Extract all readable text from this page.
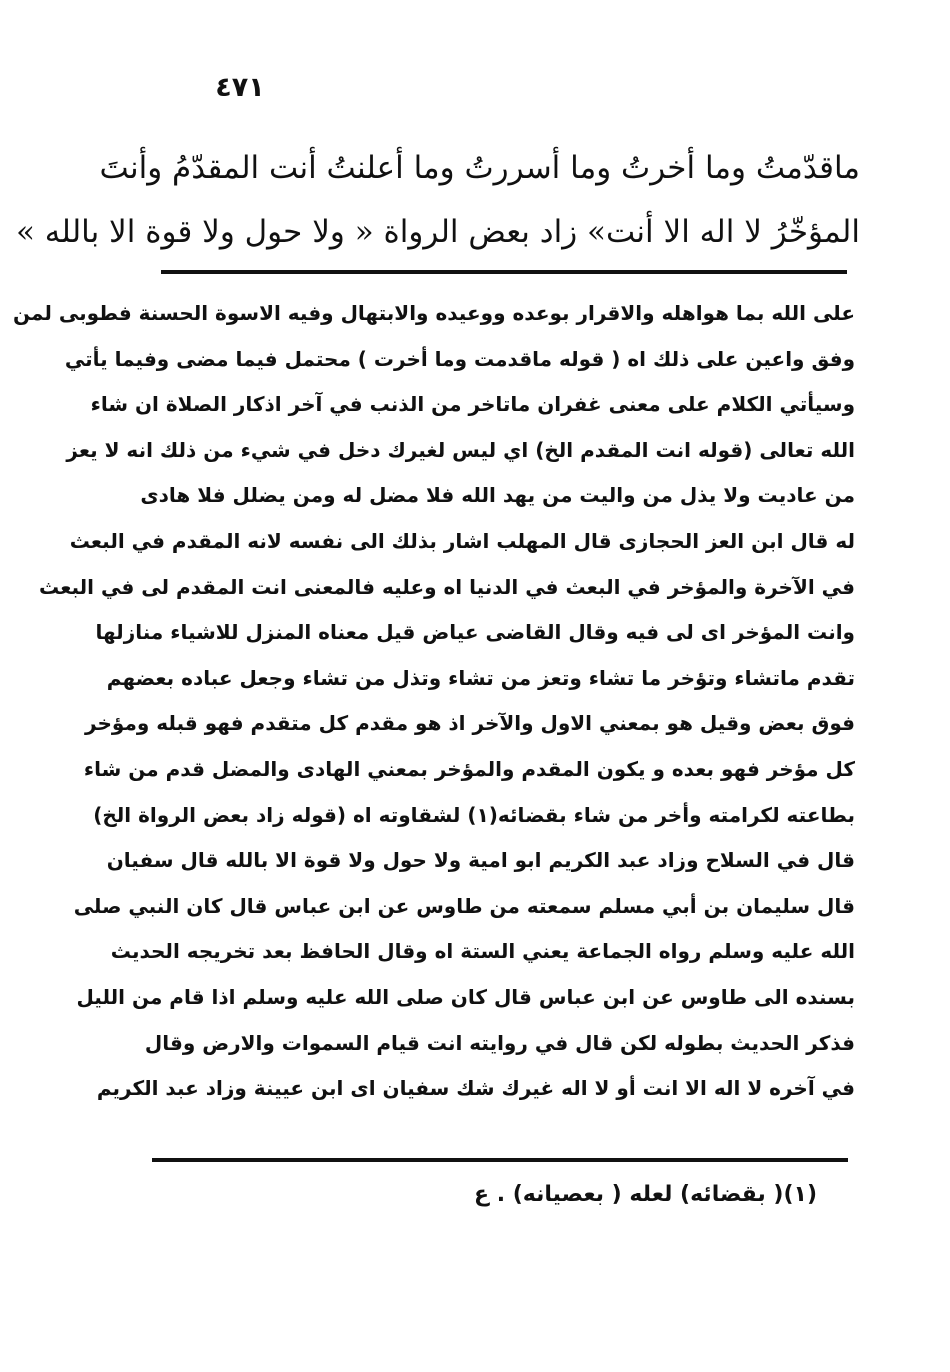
٤٧١
ماقدّمتُ وما أخرتُ وما أسررتُ وما أعلنتُ أنت المقدّمُ وأنتَ
المؤخّرُ لا اله الا أنت» زاد بعض الرواة « ولا حول ولا قوة الا بالله »
على الله بما هواهله والاقرار بوعده ووعيده والابتهال وفيه الاسوة الحسنة فطوبى لمن
وفق واعين على ذلك اه ( قوله ماقدمت وما أخرت ) محتمل فيما مضى وفيما يأتي
وسيأتي الكلام على معنى غفران ماتاخر من الذنب في آخر اذكار الصلاة ان شاء
الله تعالى (قوله انت المقدم الخ) اي ليس لغيرك دخل في شيء من ذلك انه لا يعز
من عاديت ولا يذل من واليت من يهد الله فلا مضل له ومن يضلل فلا هادى
له قال ابن العز الحجازى قال المهلب اشار بذلك الى نفسه لانه المقدم في البعث
في الآخرة والمؤخر في البعث في الدنيا اه وعليه فالمعنى انت المقدم لى في البعث
وانت المؤخر اى لى فيه وقال القاضى عياض قيل معناه المنزل للاشياء منازلها
تقدم ماتشاء وتؤخر ما تشاء وتعز من تشاء وتذل من تشاء وجعل عباده بعضهم
فوق بعض وقيل هو بمعني الاول والآخر اذ هو مقدم كل متقدم فهو قبله ومؤخر
كل مؤخر فهو بعده و يكون المقدم والمؤخر بمعني الهادى والمضل قدم من شاء
بطاعته لكرامته وأخر من شاء بقضائه(١) لشقاوته اه (قوله زاد بعض الرواة الخ)
قال في السلاح وزاد عبد الكريم ابو امية ولا حول ولا قوة الا بالله قال سفيان
قال سليمان بن أبي مسلم سمعته من طاوس عن ابن عباس قال كان النبي صلى
الله عليه وسلم رواه الجماعة يعني الستة اه وقال الحافظ بعد تخريجه الحديث
بسنده الى طاوس عن ابن عباس قال كان صلى الله عليه وسلم اذا قام من الليل
فذكر الحديث بطوله لكن قال في روايته انت قيام السموات والارض وقال
في آخره لا اله الا انت أو لا اله غيرك شك سفيان اى ابن عيينة وزاد عبد الكريم
(١)( بقضائه) لعله ( بعصيانه) . ع
